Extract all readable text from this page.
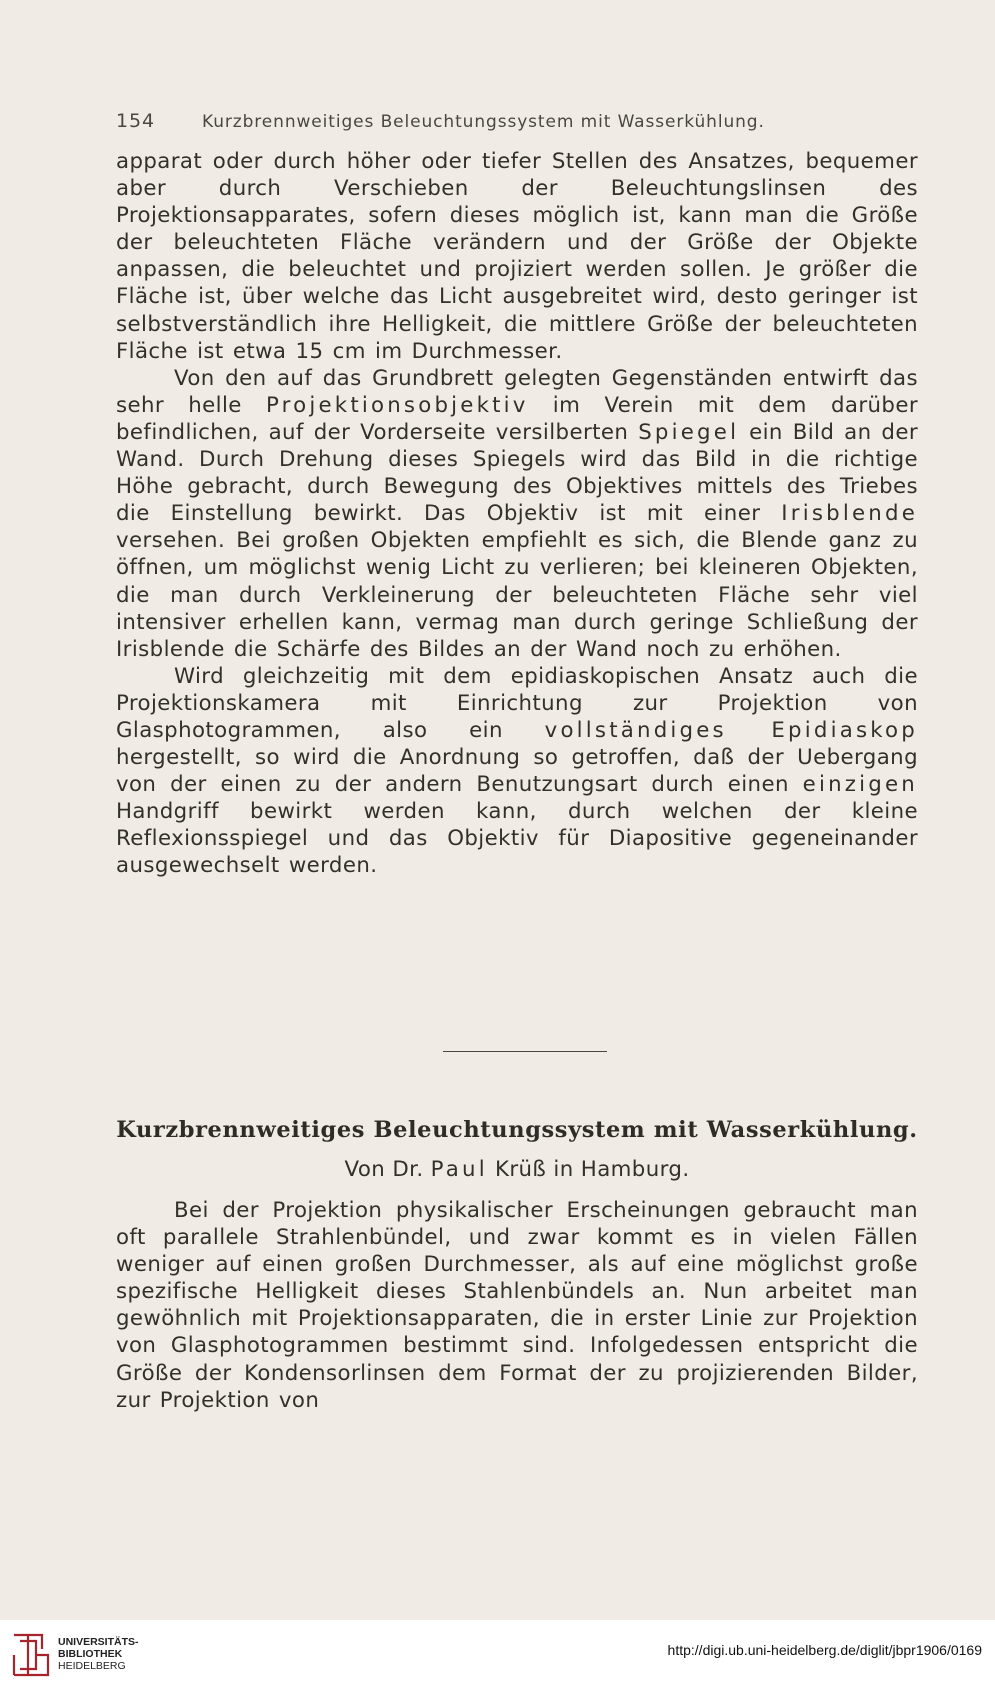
154	Kurzbrennweitiges Beleuchtungssystem mit Wasserkühlung.

apparat oder durch höher oder tiefer Stellen des Ansatzes, bequemer aber durch Verschieben der Beleuchtungslinsen des Projektionsapparates, sofern dieses möglich ist, kann man die Größe der beleuchteten Fläche verändern und der Größe der Objekte anpassen, die beleuchtet und projiziert werden sollen. Je größer die Fläche ist, über welche das Licht ausgebreitet wird, desto geringer ist selbstverständlich ihre Helligkeit, die mittlere Größe der beleuchteten Fläche ist etwa 15 cm im Durchmesser.

Von den auf das Grundbrett gelegten Gegenständen entwirft das sehr helle Projektionsobjektiv im Verein mit dem darüber befindlichen, auf der Vorderseite versilberten Spiegel ein Bild an der Wand. Durch Drehung dieses Spiegels wird das Bild in die richtige Höhe gebracht, durch Bewegung des Objektives mittels des Triebes die Einstellung bewirkt. Das Objektiv ist mit einer Irisblende versehen. Bei großen Objekten empfiehlt es sich, die Blende ganz zu öffnen, um möglichst wenig Licht zu verlieren; bei kleineren Objekten, die man durch Verkleinerung der beleuchteten Fläche sehr viel intensiver erhellen kann, vermag man durch geringe Schließung der Irisblende die Schärfe des Bildes an der Wand noch zu erhöhen.

Wird gleichzeitig mit dem epidiaskopischen Ansatz auch die Projektionskamera mit Einrichtung zur Projektion von Glasphotogrammen, also ein vollständiges Epidiaskop hergestellt, so wird die Anordnung so getroffen, daß der Uebergang von der einen zu der andern Benutzungsart durch einen einzigen Handgriff bewirkt werden kann, durch welchen der kleine Reflexionsspiegel und das Objektiv für Diapositive gegeneinander ausgewechselt werden.

Kurzbrennweitiges Beleuchtungssystem mit Wasserkühlung.
Von Dr. Paul Krüß in Hamburg.

Bei der Projektion physikalischer Erscheinungen gebraucht man oft parallele Strahlenbündel, und zwar kommt es in vielen Fällen weniger auf einen großen Durchmesser, als auf eine möglichst große spezifische Helligkeit dieses Stahlenbündels an. Nun arbeitet man gewöhnlich mit Projektionsapparaten, die in erster Linie zur Projektion von Glasphotogrammen bestimmt sind. Infolgedessen entspricht die Größe der Kondensorlinsen dem Format der zu projizierenden Bilder, zur Projektion von

UNIVERSITÄTS-
BIBLIOTHEK
HEIDELBERG
http://digi.ub.uni-heidelberg.de/diglit/jbpr1906/0169
